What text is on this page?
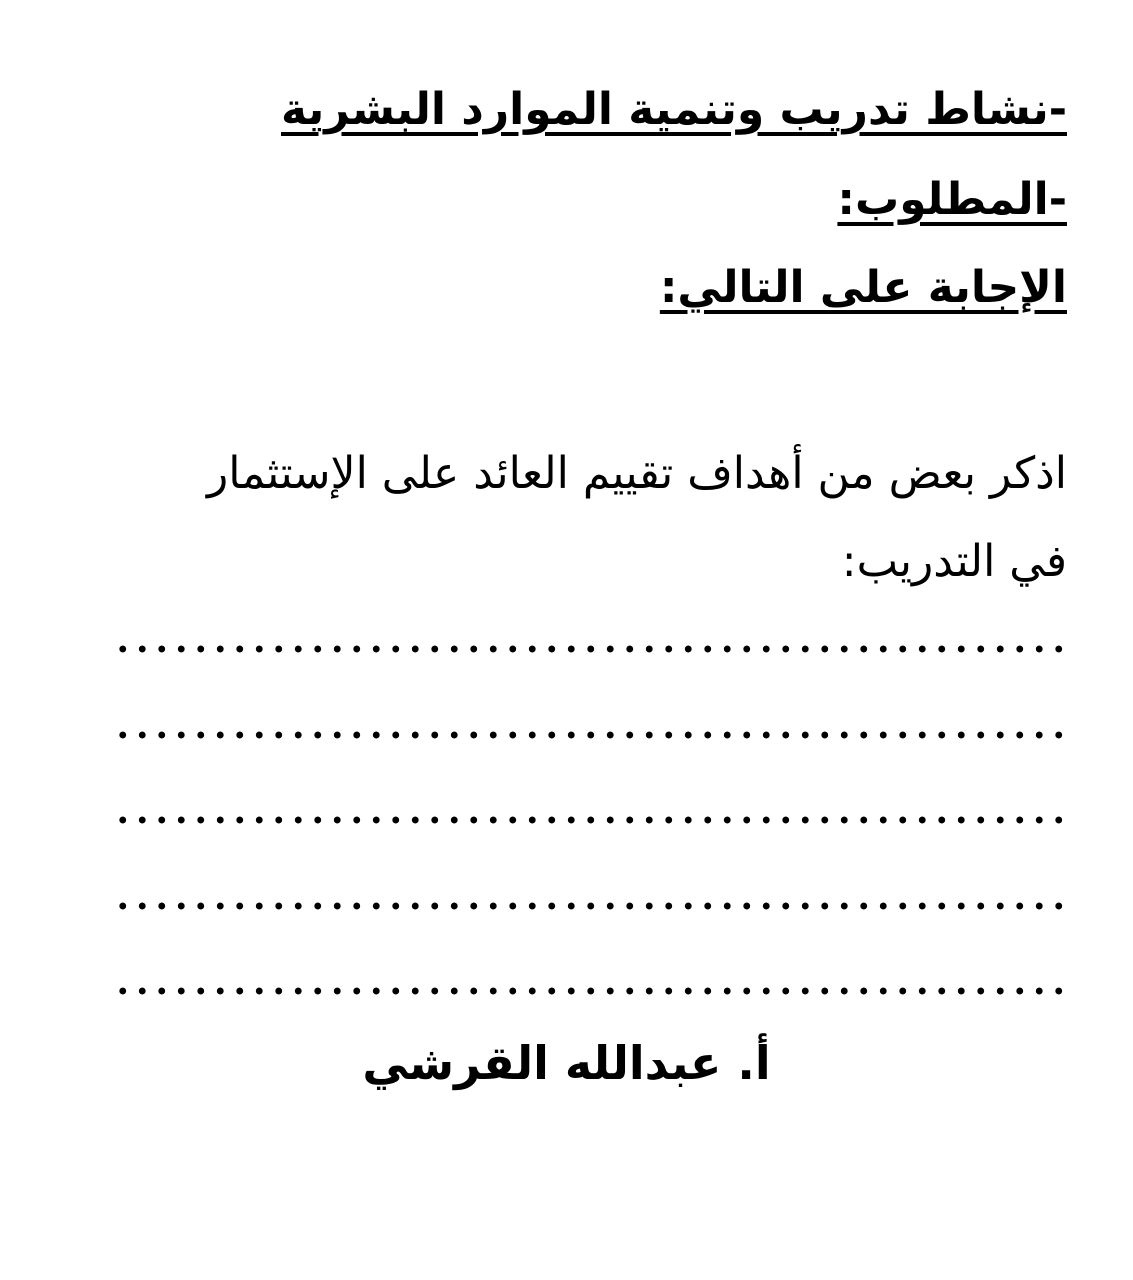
-نشاط تدريب وتنمية الموارد البشرية
-المطلوب:
الإجابة على التالي:
اذكر بعض من أهداف تقييم العائد على الإستثمار
في التدريب:
أ. عبدالله القرشي
